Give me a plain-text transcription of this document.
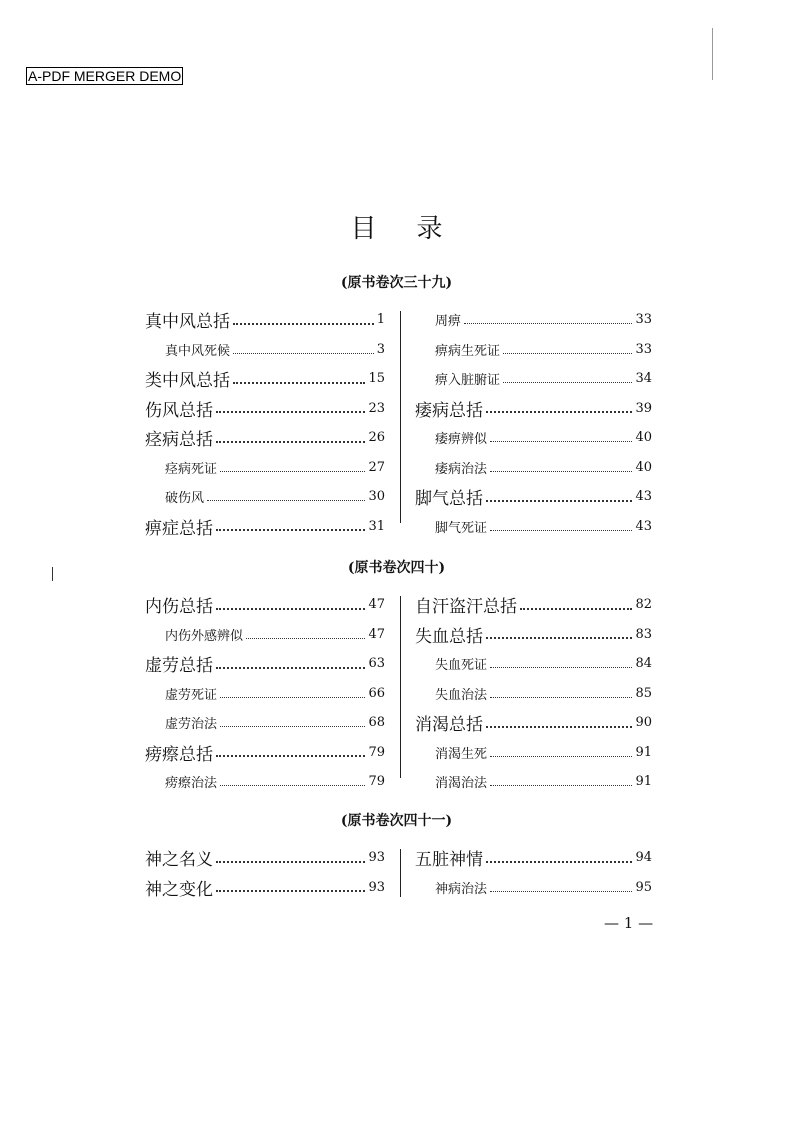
A-PDF MERGER DEMO
目录
(原书卷次三十九)
真中风总括	1
真中风死候	3
类中风总括	15
伤风总括	23
痉病总括	26
痉病死证	27
破伤风	30
痹症总括	31
周痹	33
痹病生死证	33
痹入脏腑证	34
痿病总括	39
痿痹辨似	40
痿病治法	40
脚气总括	43
脚气死证	43
(原书卷次四十)
内伤总括	47
内伤外感辨似	47
虚劳总括	63
虚劳死证	66
虚劳治法	68
痨瘵总括	79
痨瘵治法	79
自汗盗汗总括	82
失血总括	83
失血死证	84
失血治法	85
消渴总括	90
消渴生死	91
消渴治法	91
(原书卷次四十一)
神之名义	93
神之变化	93
五脏神情	94
神病治法	95
— 1 —
